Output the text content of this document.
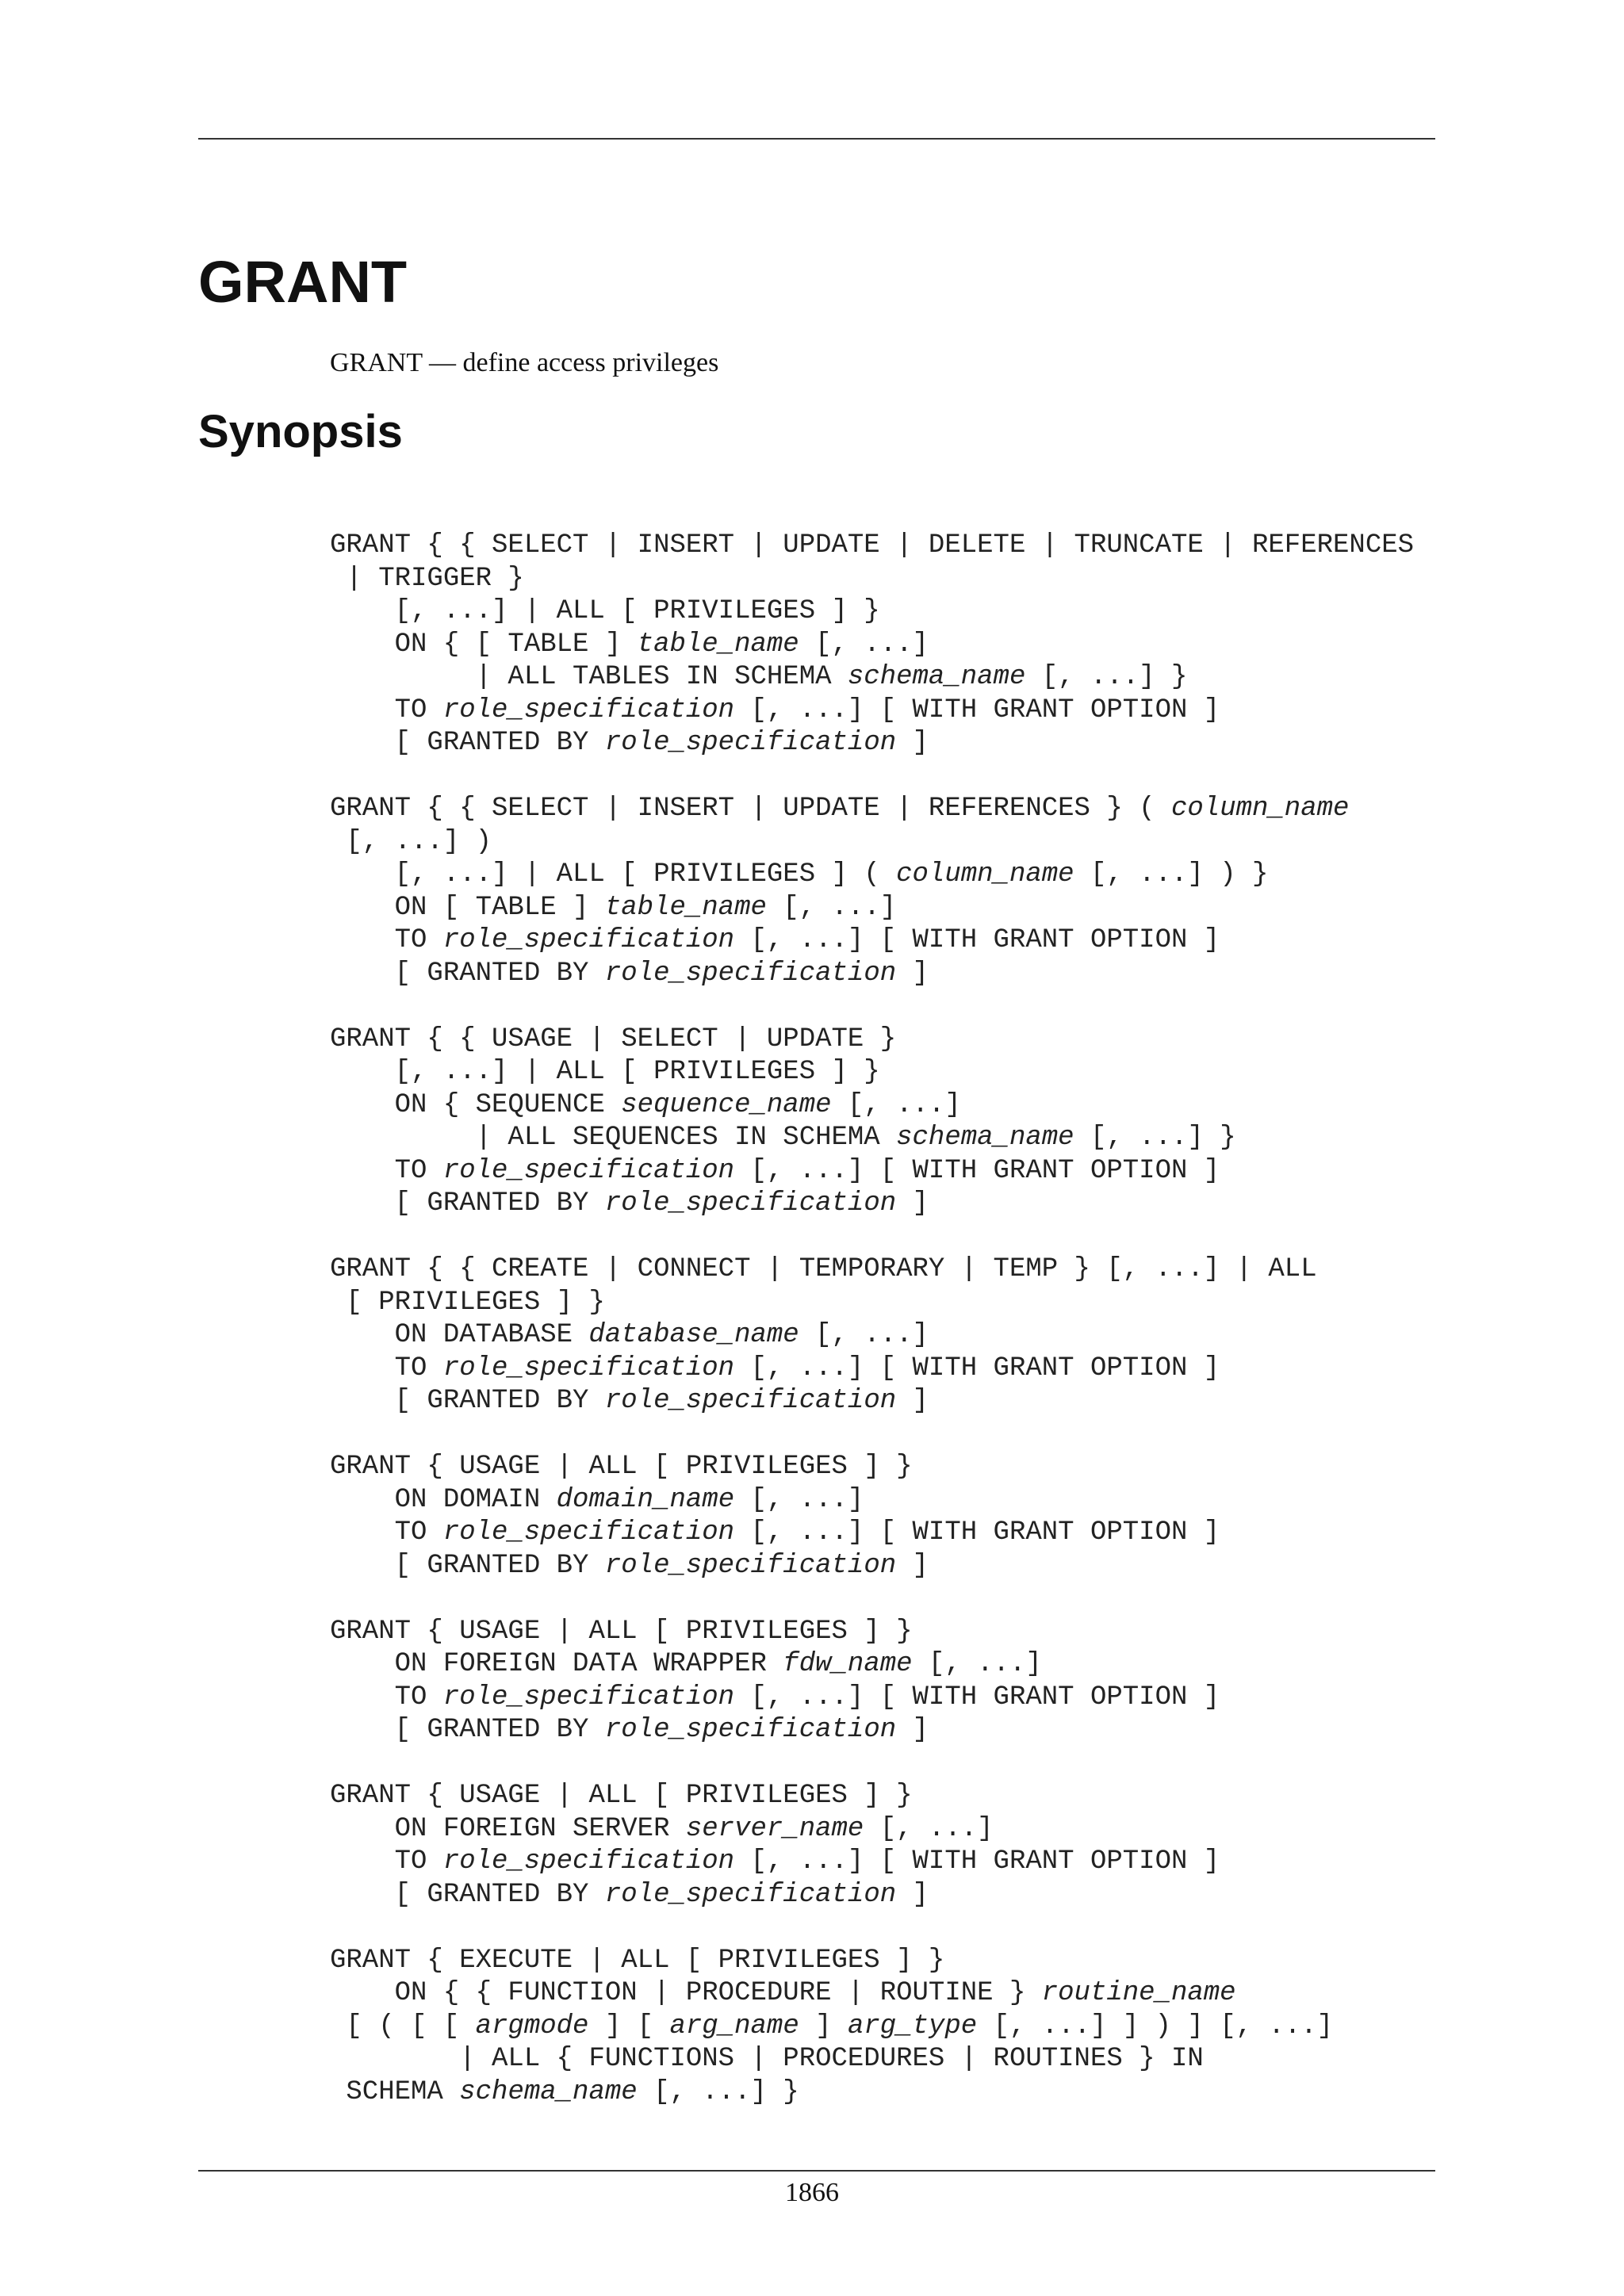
GRANT

GRANT — define access privileges

Synopsis
GRANT { { SELECT | INSERT | UPDATE | DELETE | TRUNCATE | REFERENCES
| TRIGGER }
[, ...] | ALL [ PRIVILEGES ] }
ON { [ TABLE ] table_name [, ...]
| ALL TABLES IN SCHEMA schema_name [, ...] }
TO role_specification [, ...] [ WITH GRANT OPTION ]
[ GRANTED BY role_specification ]

GRANT { { SELECT | INSERT | UPDATE | REFERENCES } ( column_name
[, ...] )
[, ...] | ALL [ PRIVILEGES ] ( column_name [, ...] ) }
ON [ TABLE ] table_name [, ...]
TO role_specification [, ...] [ WITH GRANT OPTION ]
[ GRANTED BY role_specification ]

GRANT { { USAGE | SELECT | UPDATE }
[, ...] | ALL [ PRIVILEGES ] }
ON { SEQUENCE sequence_name [, ...]
| ALL SEQUENCES IN SCHEMA schema_name [, ...] }
TO role_specification [, ...] [ WITH GRANT OPTION ]
[ GRANTED BY role_specification ]

GRANT { { CREATE | CONNECT | TEMPORARY | TEMP } [, ...] | ALL
[ PRIVILEGES ] }
ON DATABASE database_name [, ...]
TO role_specification [, ...] [ WITH GRANT OPTION ]
[ GRANTED BY role_specification ]

GRANT { USAGE | ALL [ PRIVILEGES ] }
ON DOMAIN domain_name [, ...]
TO role_specification [, ...] [ WITH GRANT OPTION ]
[ GRANTED BY role_specification ]

GRANT { USAGE | ALL [ PRIVILEGES ] }
ON FOREIGN DATA WRAPPER fdw_name [, ...]
TO role_specification [, ...] [ WITH GRANT OPTION ]
[ GRANTED BY role_specification ]

GRANT { USAGE | ALL [ PRIVILEGES ] }
ON FOREIGN SERVER server_name [, ...]
TO role_specification [, ...] [ WITH GRANT OPTION ]
[ GRANTED BY role_specification ]

GRANT { EXECUTE | ALL [ PRIVILEGES ] }
ON { { FUNCTION | PROCEDURE | ROUTINE } routine_name
[ ( [ [ argmode ] [ arg_name ] arg_type [, ...] ] ) ] [, ...]
| ALL { FUNCTIONS | PROCEDURES | ROUTINES } IN
SCHEMA schema_name [, ...] }
1866
